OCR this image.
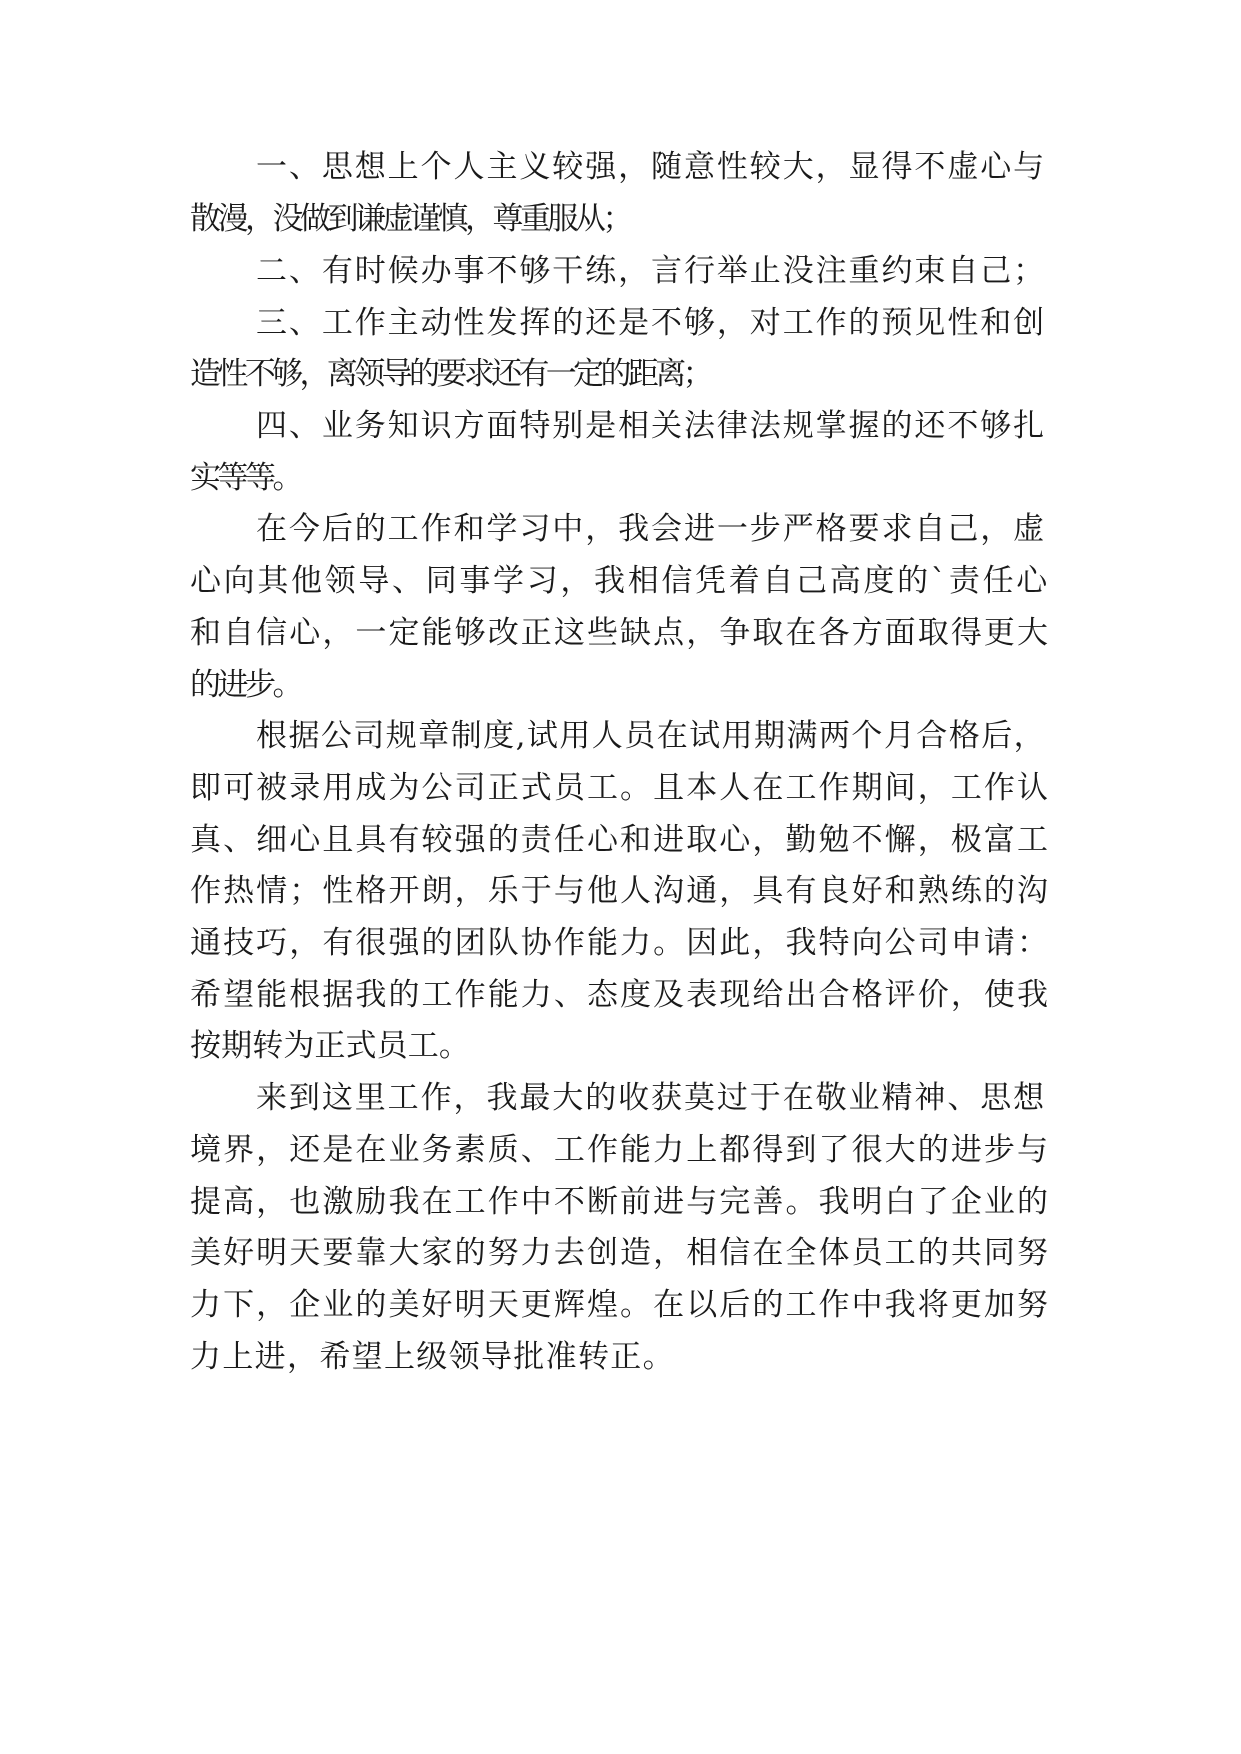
一、思想上个人主义较强，随意性较大，显得不虚心与
散漫，没做到谦虚谨慎，尊重服从；
二、有时候办事不够干练，言行举止没注重约束自己；
三、工作主动性发挥的还是不够，对工作的预见性和创
造性不够，离领导的要求还有一定的距离；
四、业务知识方面特别是相关法律法规掌握的还不够扎
实等等。
在今后的工作和学习中，我会进一步严格要求自己，虚
心向其他领导、同事学习，我相信凭着自己高度的`责任心
和自信心，一定能够改正这些缺点，争取在各方面取得更大
的进步。
根据公司规章制度,试用人员在试用期满两个月合格后，
即可被录用成为公司正式员工。且本人在工作期间，工作认
真、细心且具有较强的责任心和进取心，勤勉不懈，极富工
作热情；性格开朗，乐于与他人沟通，具有良好和熟练的沟
通技巧，有很强的团队协作能力。因此，我特向公司申请：
希望能根据我的工作能力、态度及表现给出合格评价，使我
按期转为正式员工。
来到这里工作，我最大的收获莫过于在敬业精神、思想
境界，还是在业务素质、工作能力上都得到了很大的进步与
提高，也激励我在工作中不断前进与完善。我明白了企业的
美好明天要靠大家的努力去创造，相信在全体员工的共同努
力下，企业的美好明天更辉煌。在以后的工作中我将更加努
力上进，希望上级领导批准转正。
